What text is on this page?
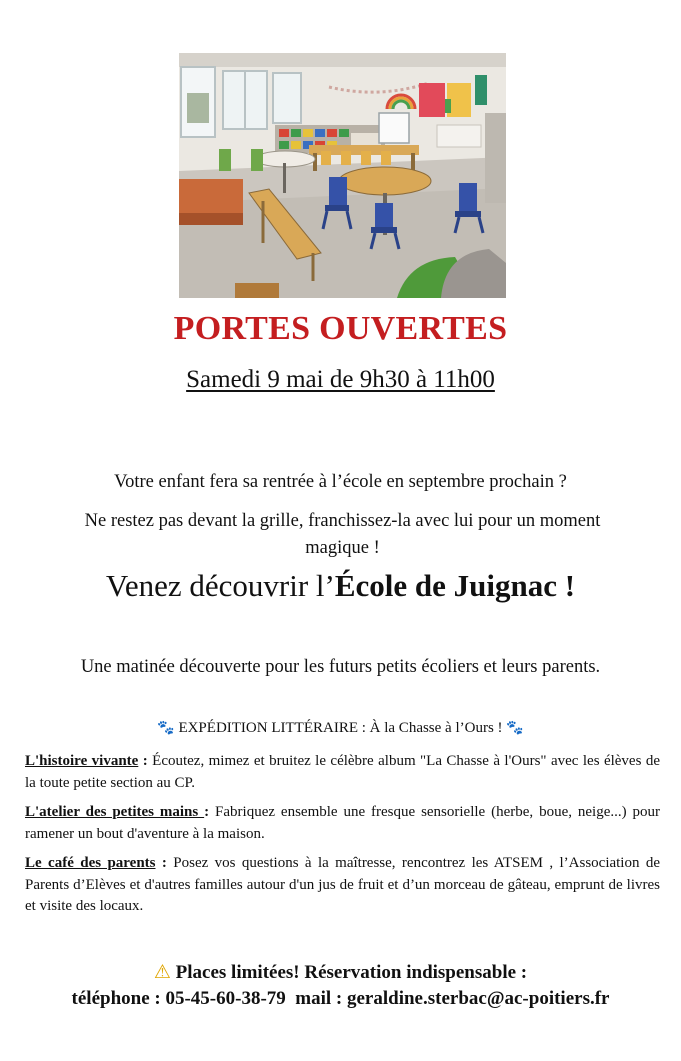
PORTES OUVERTES
Samedi 9 mai de 9h30 à 11h00
Votre enfant fera sa rentrée à l’école en septembre prochain ?
Ne restez pas devant la grille, franchissez-la avec lui pour un moment magique !
Venez découvrir l’École de Juignac !
Une matinée découverte pour les futurs petits écoliers et leurs parents.
🐾 EXPÉDITION LITTÉRAIRE : À la Chasse à l’Ours ! 🐾
L'histoire vivante : Écoutez, mimez et bruitez le célèbre album "La Chasse à l'Ours" avec les élèves de la toute petite section au CP.
L'atelier des petites mains : Fabriquez ensemble une fresque sensorielle (herbe, boue, neige...) pour ramener un bout d'aventure à la maison.
Le café des parents : Posez vos questions à la maîtresse, rencontrez les ATSEM , l’Association de Parents d’Elèves et d'autres familles autour d'un jus de fruit et d’un morceau de gâteau, emprunt de livres et visite des locaux.
⚠ Places limitées! Réservation indispensable :
téléphone : 05-45-60-38-79  mail : geraldine.sterbac@ac-poitiers.fr
